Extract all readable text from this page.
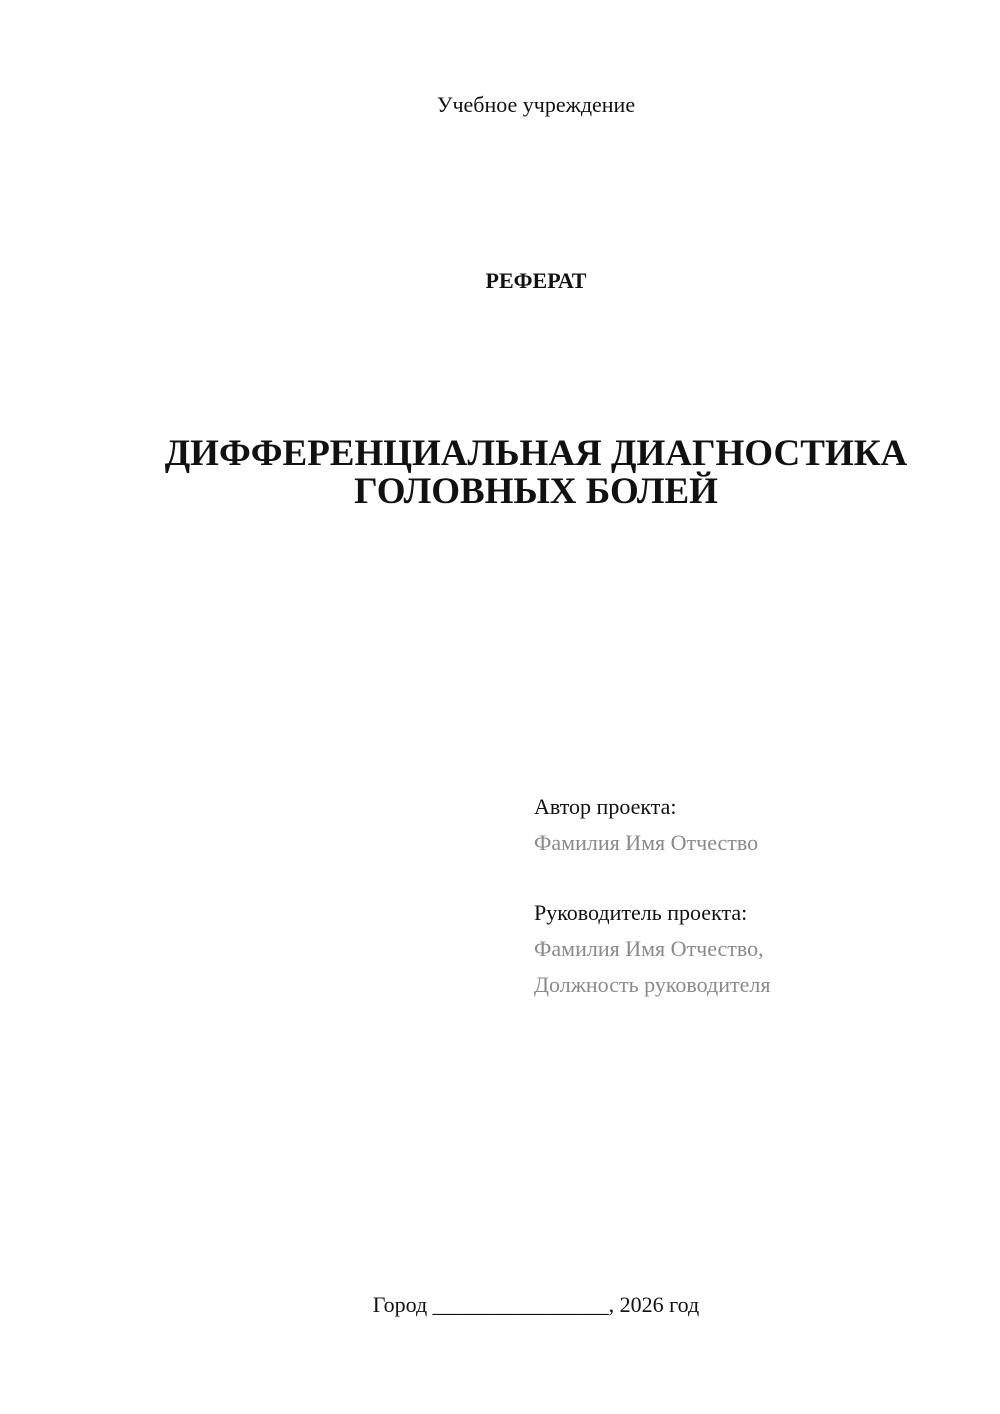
Учебное учреждение
РЕФЕРАТ
ДИФФЕРЕНЦИАЛЬНАЯ ДИАГНОСТИКА
ГОЛОВНЫХ БОЛЕЙ
Автор проекта:
Фамилия Имя Отчество
Руководитель проекта:
Фамилия Имя Отчество,
Должность руководителя
Город ________________, 2026 год
